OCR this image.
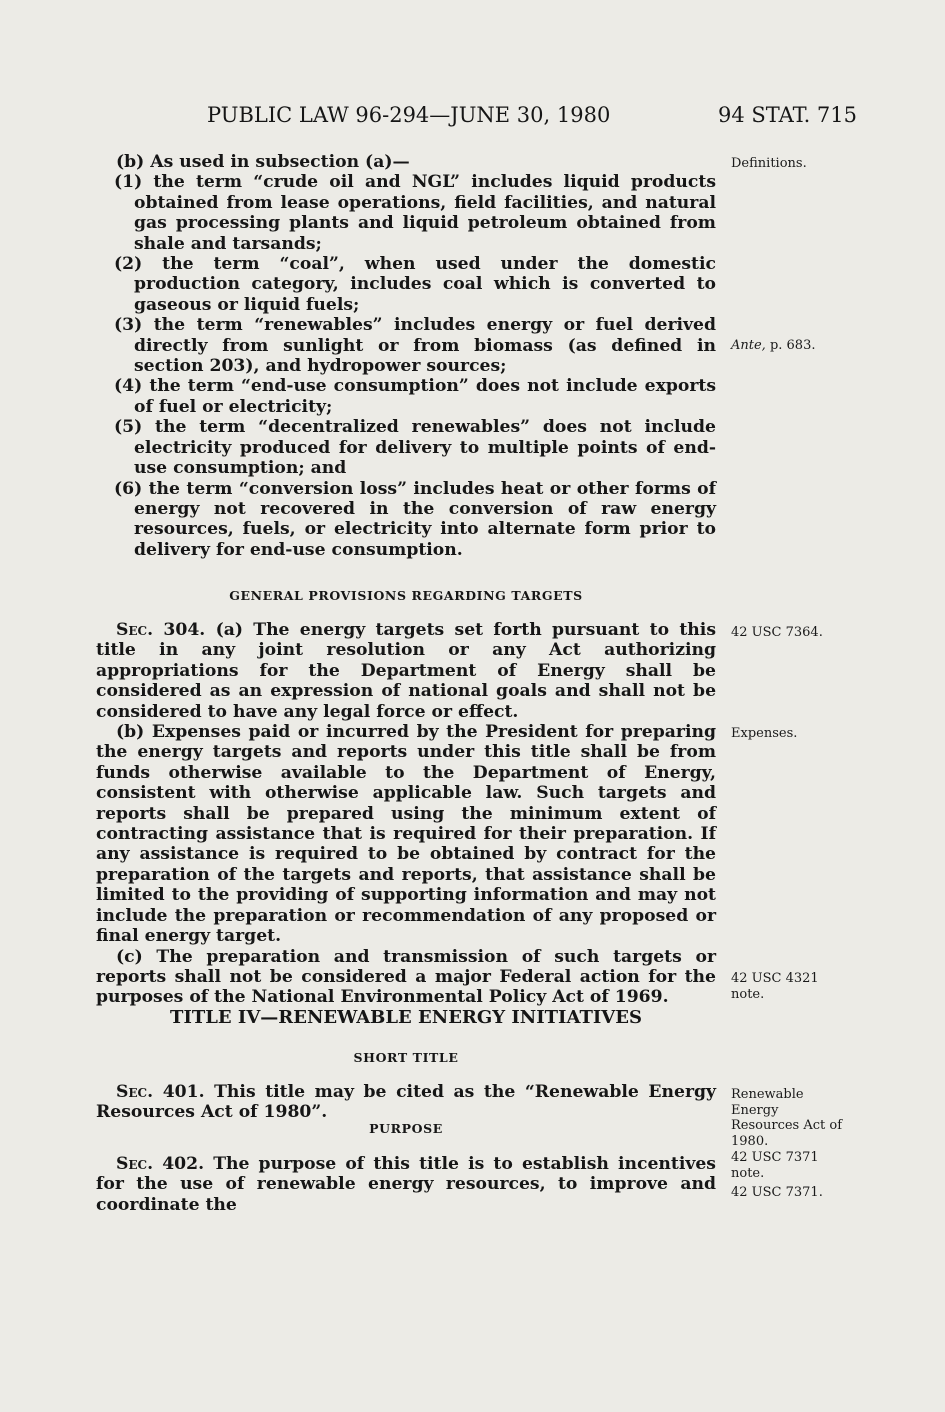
PUBLIC LAW 96-294—JUNE 30, 1980	94 STAT. 715

(b) As used in subsection (a)—

(1) the term “crude oil and NGL” includes liquid products obtained from lease operations, field facilities, and natural gas processing plants and liquid petroleum obtained from shale and tarsands;

(2) the term “coal”, when used under the domestic production category, includes coal which is converted to gaseous or liquid fuels;

(3) the term “renewables” includes energy or fuel derived directly from sunlight or from biomass (as defined in section 203), and hydropower sources;

(4) the term “end-use consumption” does not include exports of fuel or electricity;

(5) the term “decentralized renewables” does not include electricity produced for delivery to multiple points of end-use consumption; and

(6) the term “conversion loss” includes heat or other forms of energy not recovered in the conversion of raw energy resources, fuels, or electricity into alternate form prior to delivery for end-use consumption.

GENERAL PROVISIONS REGARDING TARGETS

Sec. 304. (a) The energy targets set forth pursuant to this title in any joint resolution or any Act authorizing appropriations for the Department of Energy shall be considered as an expression of national goals and shall not be considered to have any legal force or effect.

(b) Expenses paid or incurred by the President for preparing the energy targets and reports under this title shall be from funds otherwise available to the Department of Energy, consistent with otherwise applicable law. Such targets and reports shall be prepared using the minimum extent of contracting assistance that is required for their preparation. If any assistance is required to be obtained by contract for the preparation of the targets and reports, that assistance shall be limited to the providing of supporting information and may not include the preparation or recommendation of any proposed or final energy target.

(c) The preparation and transmission of such targets or reports shall not be considered a major Federal action for the purposes of the National Environmental Policy Act of 1969.

TITLE IV—RENEWABLE ENERGY INITIATIVES
SHORT TITLE

Sec. 401. This title may be cited as the “Renewable Energy Resources Act of 1980”.

PURPOSE

Sec. 402. The purpose of this title is to establish incentives for the use of renewable energy resources, to improve and coordinate the

Definitions.
Ante, p. 683.
42 USC 7364.
Expenses.
42 USC 4321
note.
Renewable
Energy
Resources Act of
1980.
42 USC 7371
note.
42 USC 7371.
